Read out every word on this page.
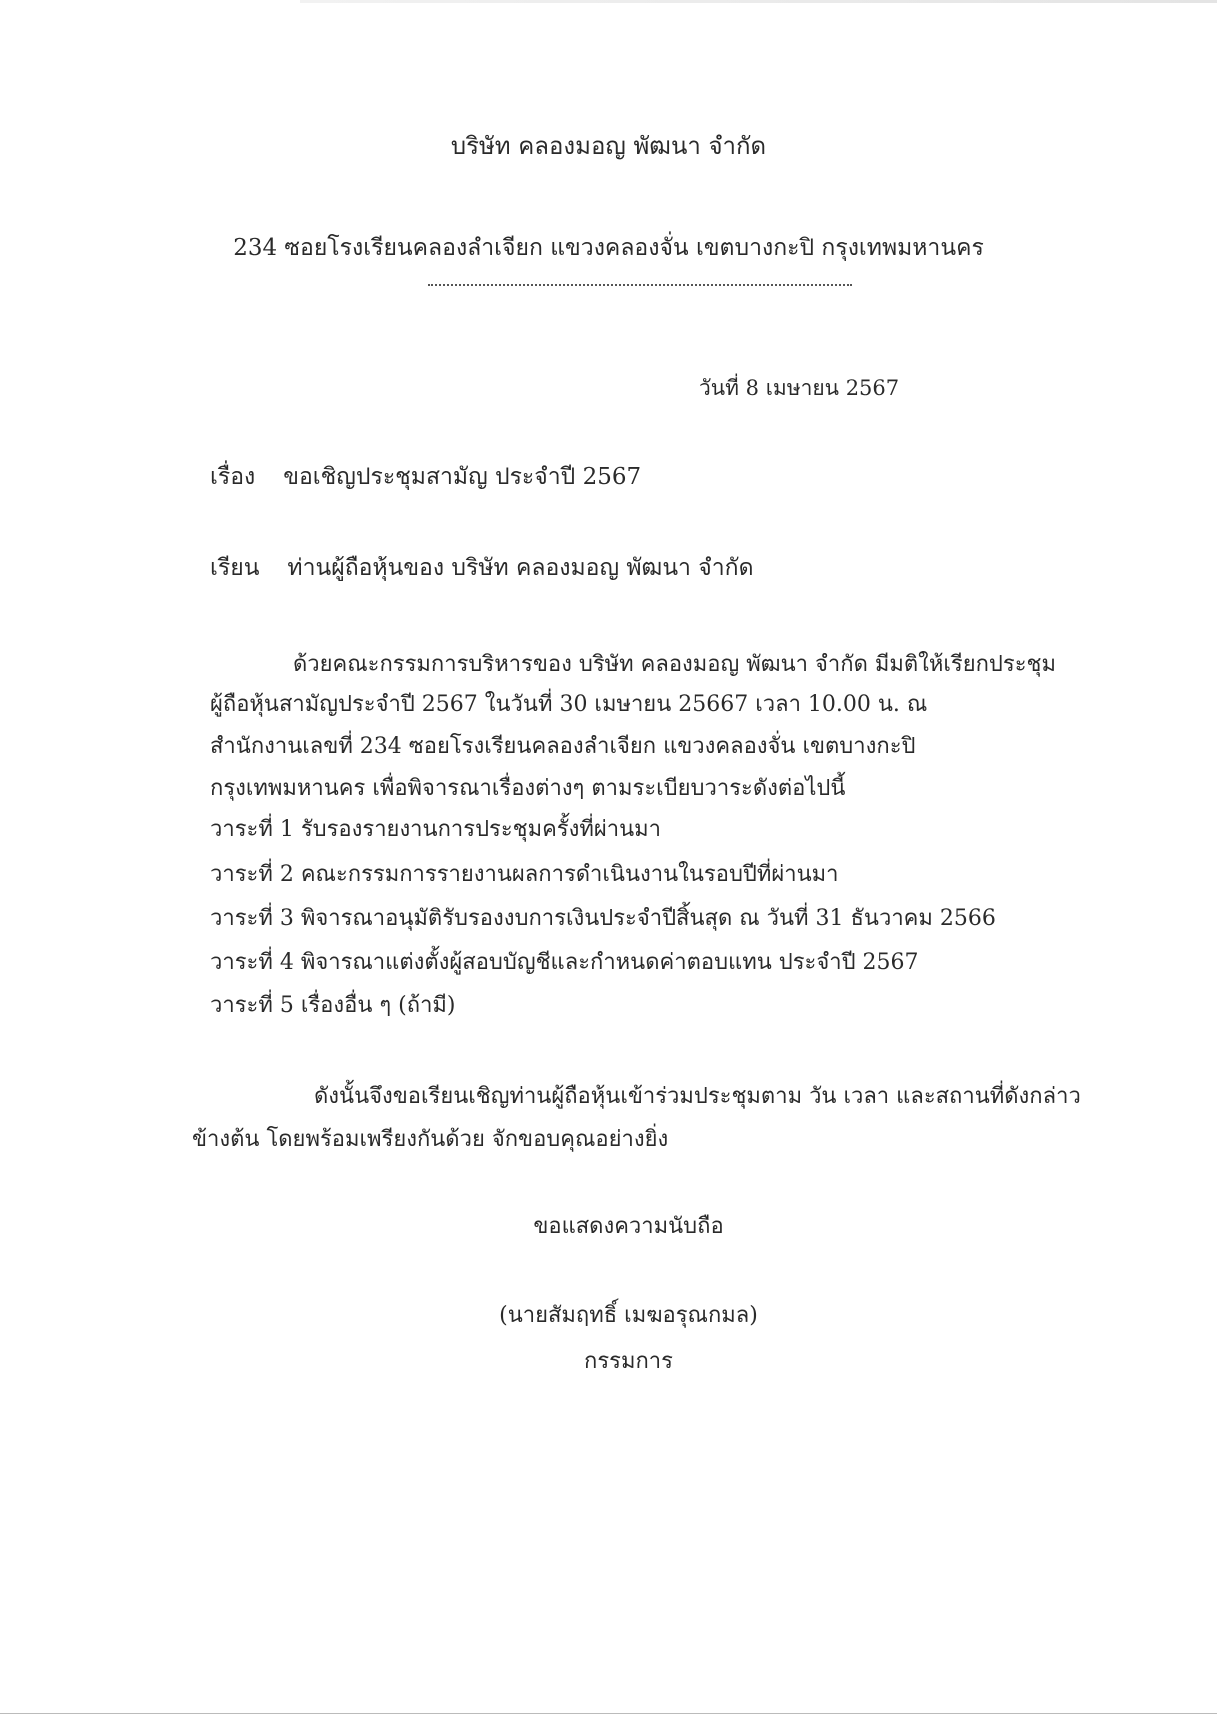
บริษัท คลองมอญ พัฒนา จำกัด
234 ซอยโรงเรียนคลองลำเจียก แขวงคลองจั่น เขตบางกะปิ กรุงเทพมหานคร
วันที่ 8 เมษายน 2567
เรื่อง ขอเชิญประชุมสามัญ ประจำปี 2567
เรียน ท่านผู้ถือหุ้นของ บริษัท คลองมอญ พัฒนา จำกัด
ด้วยคณะกรรมการบริหารของ บริษัท คลองมอญ พัฒนา จำกัด มีมติให้เรียกประชุม
ผู้ถือหุ้นสามัญประจำปี 2567 ในวันที่ 30 เมษายน 25667 เวลา 10.00 น. ณ
สำนักงานเลขที่ 234 ซอยโรงเรียนคลองลำเจียก แขวงคลองจั่น เขตบางกะปิ
กรุงเทพมหานคร เพื่อพิจารณาเรื่องต่างๆ ตามระเบียบวาระดังต่อไปนี้
วาระที่ 1 รับรองรายงานการประชุมครั้งที่ผ่านมา
วาระที่ 2 คณะกรรมการรายงานผลการดำเนินงานในรอบปีที่ผ่านมา
วาระที่ 3 พิจารณาอนุมัติรับรองงบการเงินประจำปีสิ้นสุด ณ วันที่ 31 ธันวาคม 2566
วาระที่ 4 พิจารณาแต่งตั้งผู้สอบบัญชีและกำหนดค่าตอบแทน ประจำปี 2567
วาระที่ 5 เรื่องอื่น ๆ (ถ้ามี)
ดังนั้นจึงขอเรียนเชิญท่านผู้ถือหุ้นเข้าร่วมประชุมตาม วัน เวลา และสถานที่ดังกล่าว
ข้างต้น โดยพร้อมเพรียงกันด้วย จักขอบคุณอย่างยิ่ง
ขอแสดงความนับถือ
(นายสัมฤทธิ์ เมฆอรุณกมล)
กรรมการ
